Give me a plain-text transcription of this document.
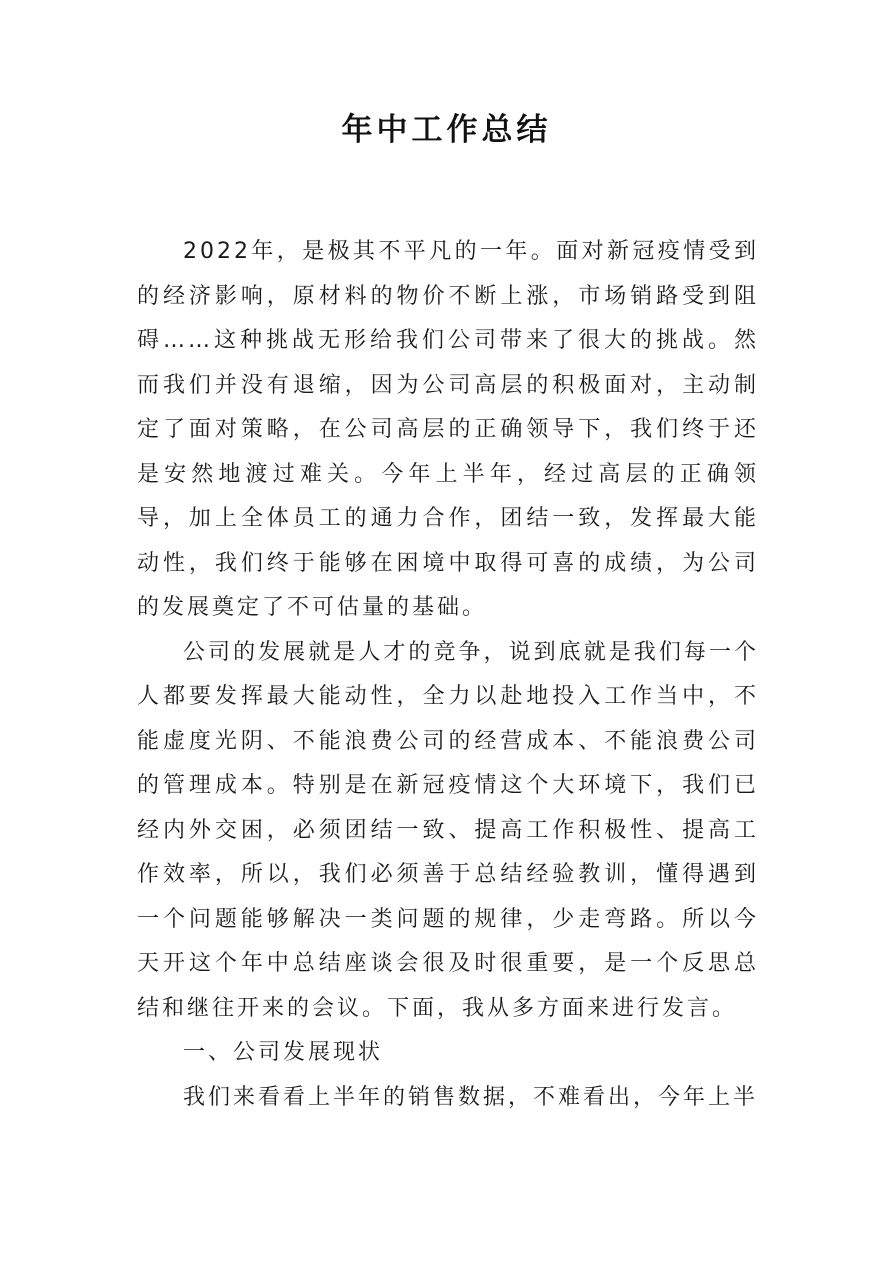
年中工作总结

2022年，是极其不平凡的一年。面对新冠疫情受到的经济影响，原材料的物价不断上涨，市场销路受到阻碍……这种挑战无形给我们公司带来了很大的挑战。然而我们并没有退缩，因为公司高层的积极面对，主动制定了面对策略，在公司高层的正确领导下，我们终于还是安然地渡过难关。今年上半年，经过高层的正确领导，加上全体员工的通力合作，团结一致，发挥最大能动性，我们终于能够在困境中取得可喜的成绩，为公司的发展奠定了不可估量的基础。

公司的发展就是人才的竞争，说到底就是我们每一个人都要发挥最大能动性，全力以赴地投入工作当中，不能虚度光阴、不能浪费公司的经营成本、不能浪费公司的管理成本。特别是在新冠疫情这个大环境下，我们已经内外交困，必须团结一致、提高工作积极性、提高工作效率，所以，我们必须善于总结经验教训，懂得遇到一个问题能够解决一类问题的规律，少走弯路。所以今天开这个年中总结座谈会很及时很重要，是一个反思总结和继往开来的会议。下面，我从多方面来进行发言。

一、公司发展现状

我们来看看上半年的销售数据，不难看出，今年上半
